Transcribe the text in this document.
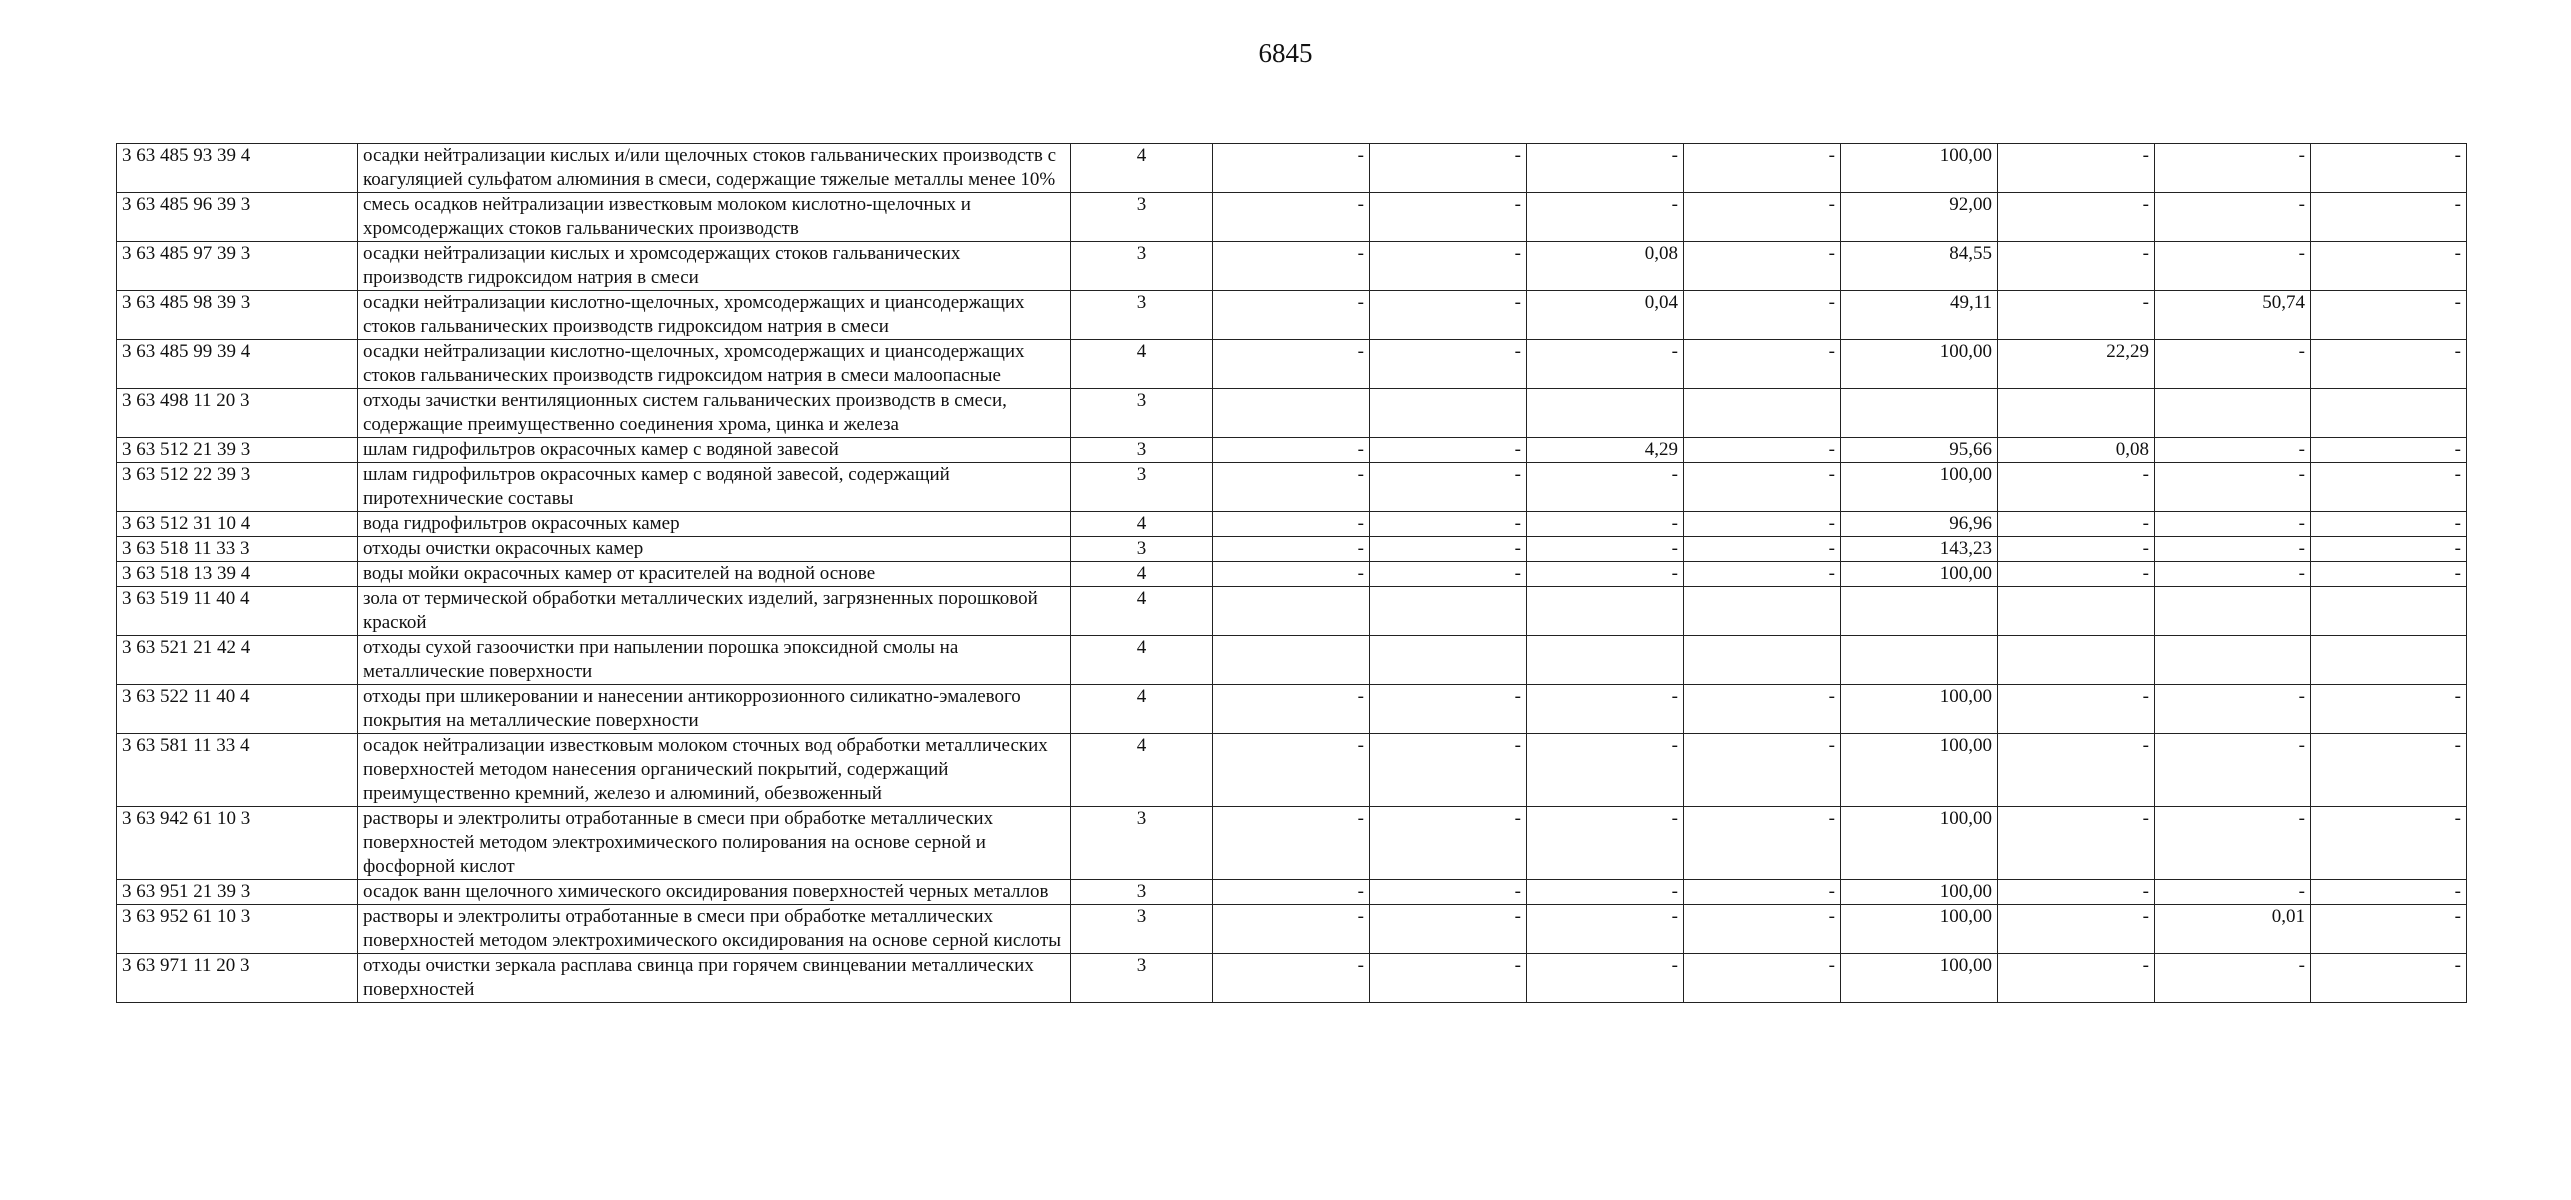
6845
3 63 485 93 39 4	осадки нейтрализации кислых и/или щелочных стоков гальванических производств с коагуляцией сульфатом алюминия в смеси, содержащие тяжелые металлы менее 10%	4	-	-	-	-	100,00	-	-	-
3 63 485 96 39 3	смесь осадков нейтрализации известковым молоком кислотно-щелочных и хромсодержащих стоков гальванических производств	3	-	-	-	-	92,00	-	-	-
3 63 485 97 39 3	осадки нейтрализации кислых и хромсодержащих стоков гальванических производств гидроксидом натрия в смеси	3	-	-	0,08	-	84,55	-	-	-
3 63 485 98 39 3	осадки нейтрализации кислотно-щелочных, хромсодержащих и циансодержащих стоков гальванических производств гидроксидом натрия в смеси	3	-	-	0,04	-	49,11	-	50,74	-
3 63 485 99 39 4	осадки нейтрализации кислотно-щелочных, хромсодержащих и циансодержащих стоков гальванических производств гидроксидом натрия в смеси малоопасные	4	-	-	-	-	100,00	22,29	-	-
3 63 498 11 20 3	отходы зачистки вентиляционных систем гальванических производств в смеси, содержащие преимущественно соединения хрома, цинка и железа	3								
3 63 512 21 39 3	шлам гидрофильтров окрасочных камер с водяной завесой	3	-	-	4,29	-	95,66	0,08	-	-
3 63 512 22 39 3	шлам гидрофильтров окрасочных камер с водяной завесой, содержащий пиротехнические составы	3	-	-	-	-	100,00	-	-	-
3 63 512 31 10 4	вода гидрофильтров окрасочных камер	4	-	-	-	-	96,96	-	-	-
3 63 518 11 33 3	отходы очистки окрасочных камер	3	-	-	-	-	143,23	-	-	-
3 63 518 13 39 4	воды мойки окрасочных камер от красителей на водной основе	4	-	-	-	-	100,00	-	-	-
3 63 519 11 40 4	зола от термической обработки металлических изделий, загрязненных порошковой краской	4								
3 63 521 21 42 4	отходы сухой газоочистки при напылении порошка эпоксидной смолы на металлические поверхности	4								
3 63 522 11 40 4	отходы при шликеровании и нанесении антикоррозионного силикатно-эмалевого покрытия на металлические поверхности	4	-	-	-	-	100,00	-	-	-
3 63 581 11 33 4	осадок нейтрализации известковым молоком сточных вод обработки металлических поверхностей методом нанесения органический покрытий, содержащий преимущественно кремний, железо и алюминий, обезвоженный	4	-	-	-	-	100,00	-	-	-
3 63 942 61 10 3	растворы и электролиты отработанные в смеси при обработке металлических поверхностей методом электрохимического полирования на основе серной и фосфорной кислот	3	-	-	-	-	100,00	-	-	-
3 63 951 21 39 3	осадок ванн щелочного химического оксидирования поверхностей черных металлов	3	-	-	-	-	100,00	-	-	-
3 63 952 61 10 3	растворы и электролиты отработанные в смеси при обработке металлических поверхностей методом электрохимического оксидирования на основе серной кислоты	3	-	-	-	-	100,00	-	0,01	-
3 63 971 11 20 3	отходы очистки зеркала расплава свинца при горячем свинцевании металлических поверхностей	3	-	-	-	-	100,00	-	-	-
